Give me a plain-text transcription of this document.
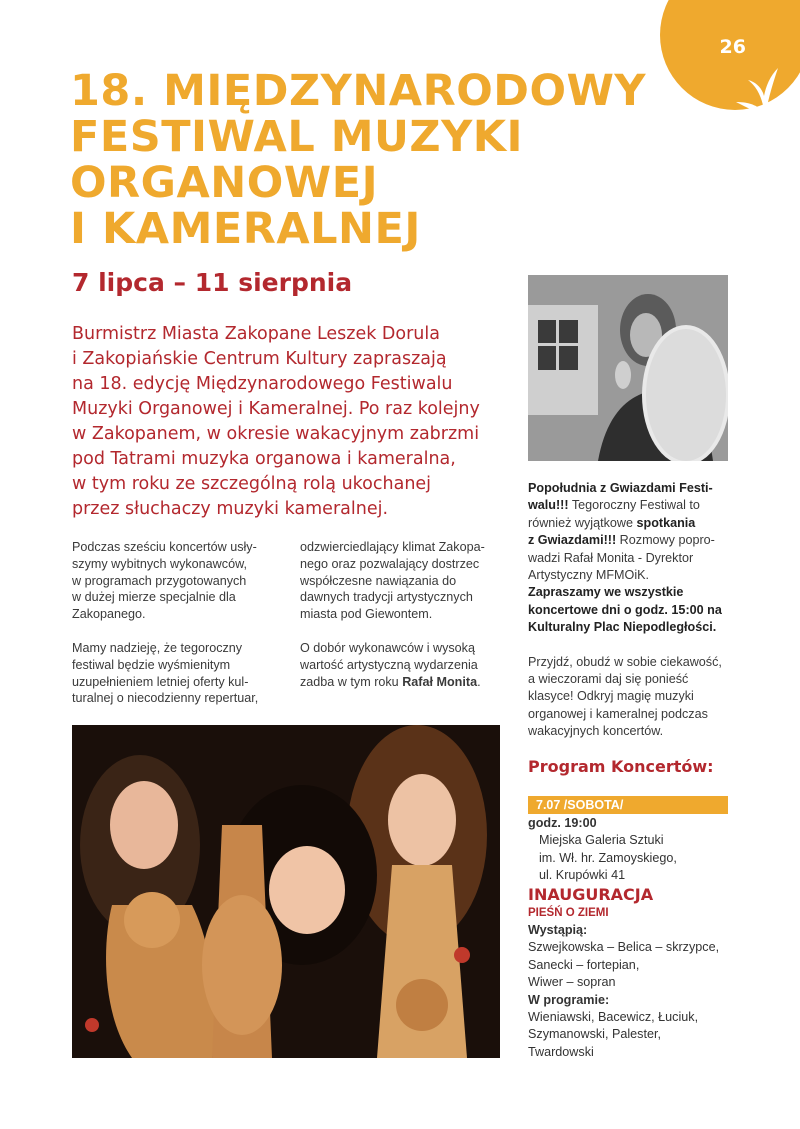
26
18. MIĘDZYNARODOWY
FESTIWAL MUZYKI
ORGANOWEJ
I KAMERALNEJ
7 lipca – 11 sierpnia

Burmistrz Miasta Zakopane Leszek Dorula
i Zakopiańskie Centrum Kultury zapraszają
na 18. edycję Międzynarodowego Festiwalu
Muzyki Organowej i Kameralnej. Po raz kolejny
w Zakopanem, w okresie wakacyjnym zabrzmi
pod Tatrami muzyka organowa i kameralna,
w tym roku ze szczególną rolą ukochanej
przez słuchaczy muzyki kameralnej.

Podczas sześciu koncertów usły-
szymy wybitnych wykonawców,
w programach przygotowanych
w dużej mierze specjalnie dla
Zakopanego.

Mamy nadzieję, że tegoroczny
festiwal będzie wyśmienitym
uzupełnieniem letniej oferty kul-
turalnej o niecodzienny repertuar,

odzwierciedlający klimat Zakopa-
nego oraz pozwalający dostrzec
współczesne nawiązania do
dawnych tradycji artystycznych
miasta pod Giewontem.

O dobór wykonawców i wysoką
wartość artystyczną wydarzenia
zadba w tym roku Rafał Monita.

Popołudnia z Gwiazdami Festi-
walu!!! Tegoroczny Festiwal to
również wyjątkowe spotkania
z Gwiazdami!!! Rozmowy popro-
wadzi Rafał Monita - Dyrektor
Artystyczny MFMOiK.
Zapraszamy we wszystkie
koncertowe dni o godz. 15:00 na
Kulturalny Plac Niepodległości.
Przyjdź, obudź w sobie ciekawość,
a wieczorami daj się ponieść
klasyce! Odkryj magię muzyki
organowej i kameralnej podczas
wakacyjnych koncertów.
Program Koncertów:
7.07 /SOBOTA/
godz. 19:00
Miejska Galeria Sztuki
im. Wł. hr. Zamoyskiego,
ul. Krupówki 41
INAUGURACJA
PIEŚŃ O ZIEMI
Wystąpią:
Szwejkowska – Belica – skrzypce,
Sanecki – fortepian,
Wiwer – sopran
W programie:
Wieniawski, Bacewicz, Łuciuk,
Szymanowski, Palester,
Twardowski
